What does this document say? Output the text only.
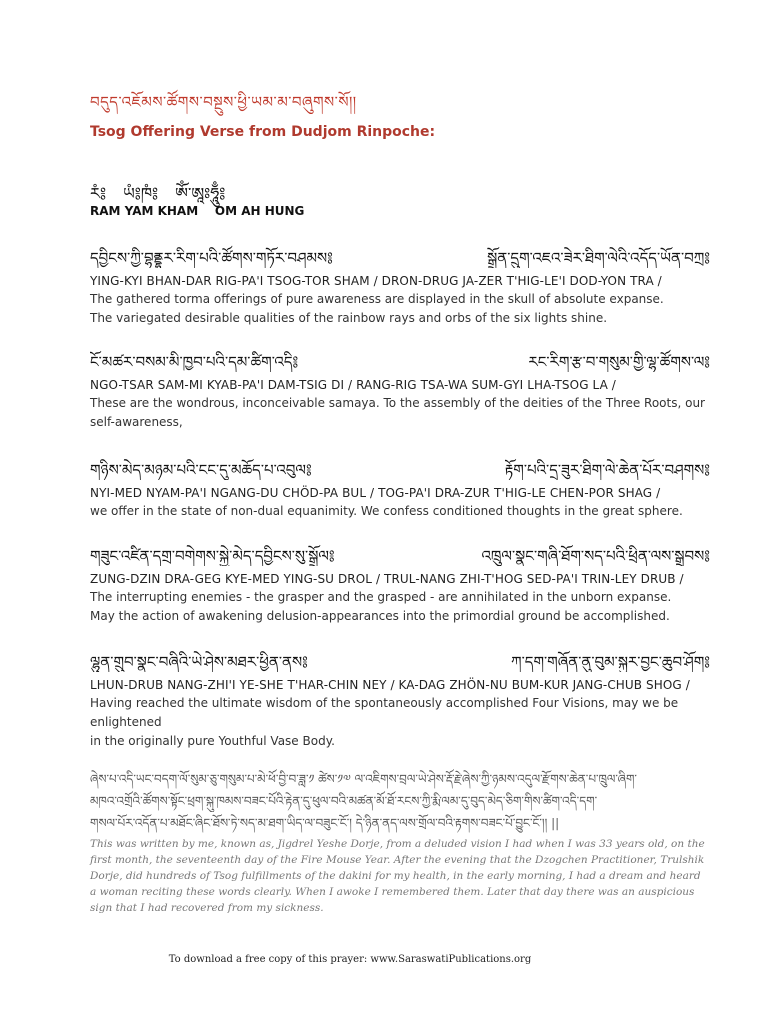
བདུད་འཇོམས་ཚོགས་བསྔུས་ཕྱི་ཡམ་མ་བཞུགས་སོ།།
Tsog Offering Verse from Dudjom Rinpoche:
རཾ༔ ཡཾ༔ཁཾ༔ ཨོཾ་ཨཱཿཧཱུྃ༔
RAM YAM KHAM    OM AH HUNG
དབྱིངས་ཀྱི་བྷནྡྷར་རིག་པའི་ཚོགས་གཏོར་བཤམས༔	སྒྲོན་དྲུག་འཇའ་ཟེར་ཐིག་ལེའི་འདོད་ཡོན་བཀྲ༔
YING-KYI BHAN-DAR RIG-PA'I TSOG-TOR SHAM / DRON-DRUG JA-ZER T'HIG-LE'I DOD-YON TRA /
The gathered torma offerings of pure awareness are displayed in the skull of absolute expanse.
The variegated desirable qualities of the rainbow rays and orbs of the six lights shine.
ངོ་མཚར་བསམ་མི་ཁྱབ་པའི་དམ་ཚིག་འདི༔	རང་རིག་རྩ་བ་གསུམ་གྱི་ལྷ་ཚོགས་ལ༔
NGO-TSAR SAM-MI KYAB-PA'I DAM-TSIG DI / RANG-RIG TSA-WA SUM-GYI LHA-TSOG LA /
These are the wondrous, inconceivable samaya. To the assembly of the deities of the Three Roots, our
self-awareness,
གཉིས་མེད་མཉམ་པའི་ངང་དུ་མཆོད་པ་འབུལ༔	རྟོག་པའི་དྲ་ཟུར་ཐིག་ལེ་ཆེན་པོར་བཤགས༔
NYI-MED NYAM-PA'I NGANG-DU CHÖD-PA BUL / TOG-PA'I DRA-ZUR T'HIG-LE CHEN-POR SHAG /
we offer in the state of non-dual equanimity. We confess conditioned thoughts in the great sphere.
གཟུང་འཛིན་དགྲ་བགེགས་སྐྱེ་མེད་དབྱིངས་སུ་སྒྲོལ༔	འཁྲུལ་སྣང་གཞི་ཐོག་སད་པའི་ཕྲིན་ལས་སྒྲུབས༔
ZUNG-DZIN DRA-GEG KYE-MED YING-SU DROL / TRUL-NANG ZHI-T'HOG SED-PA'I TRIN-LEY DRUB /
The interrupting enemies - the grasper and the grasped - are annihilated in the unborn expanse.
May the action of awakening delusion-appearances into the primordial ground be accomplished.
ལྷུན་གྲུབ་སྣང་བཞིའི་ཡེ་ཤེས་མཐར་ཕྱིན་ནས༔	ཀ་དག་གཞོན་ནུ་བུམ་སྐུར་བྱང་ཆུབ་ཤོག༔
LHUN-DRUB NANG-ZHI'I YE-SHE T'HAR-CHIN NEY / KA-DAG ZHÖN-NU BUM-KUR JANG-CHUB SHOG /
Having reached the ultimate wisdom of the spontaneously accomplished Four Visions, may we be enlightened
in the originally pure Youthful Vase Body.
ཞེས་པ་འདི་ཡང་བདག་ལོ་སུམ་ཅུ་གསུམ་པ་མེ་ཕོ་བྱི་བ་ཟླ་༡ ཚེས་༡༧ ལ་འཇིགས་བྲལ་ཡེ་ཤེས་རྡོ་རྗེ་ཞེས་ཀྱི་ཉམས་འདུལ་རྫོགས་ཆེན་པ་ཁྲུལ་ཞིག་
མཁའ་འགྲོའི་ཚོགས་སྟོང་ཕྲག་སྐུ་ཁམས་བཟང་པོའི་རྟེན་དུ་ཕུལ་བའི་མཚན་མོ་ཐོ་རངས་ཀྱི་རྨི་ལམ་དུ་བུད་མེད་ཅིག་གིས་ཚིག་འདི་དག་
གསལ་པོར་འདོན་པ་མཐོང་ཞིང་ཐོས་ཏེ་སད་མ་ཐག་ཡིད་ལ་བཟུང་ངོ་། དེ་ཉིན་ནད་ལས་གྲོལ་བའི་རྟགས་བཟང་པོ་བྱུང་ངོ་།། ||
This was written by me, known as, Jigdrel Yeshe Dorje, from a deluded vision I had when I was 33 years old, on the first month, the seventeenth day of the Fire Mouse Year. After the evening that the Dzogchen Practitioner, Trulshik Dorje, did hundreds of Tsog fulfillments of the dakini for my health, in the early morning, I had a dream and heard a woman reciting these words clearly. When I awoke I remembered them. Later that day there was an auspicious sign that I had recovered from my sickness.
To download a free copy of this prayer: www.SaraswatiPublications.org
